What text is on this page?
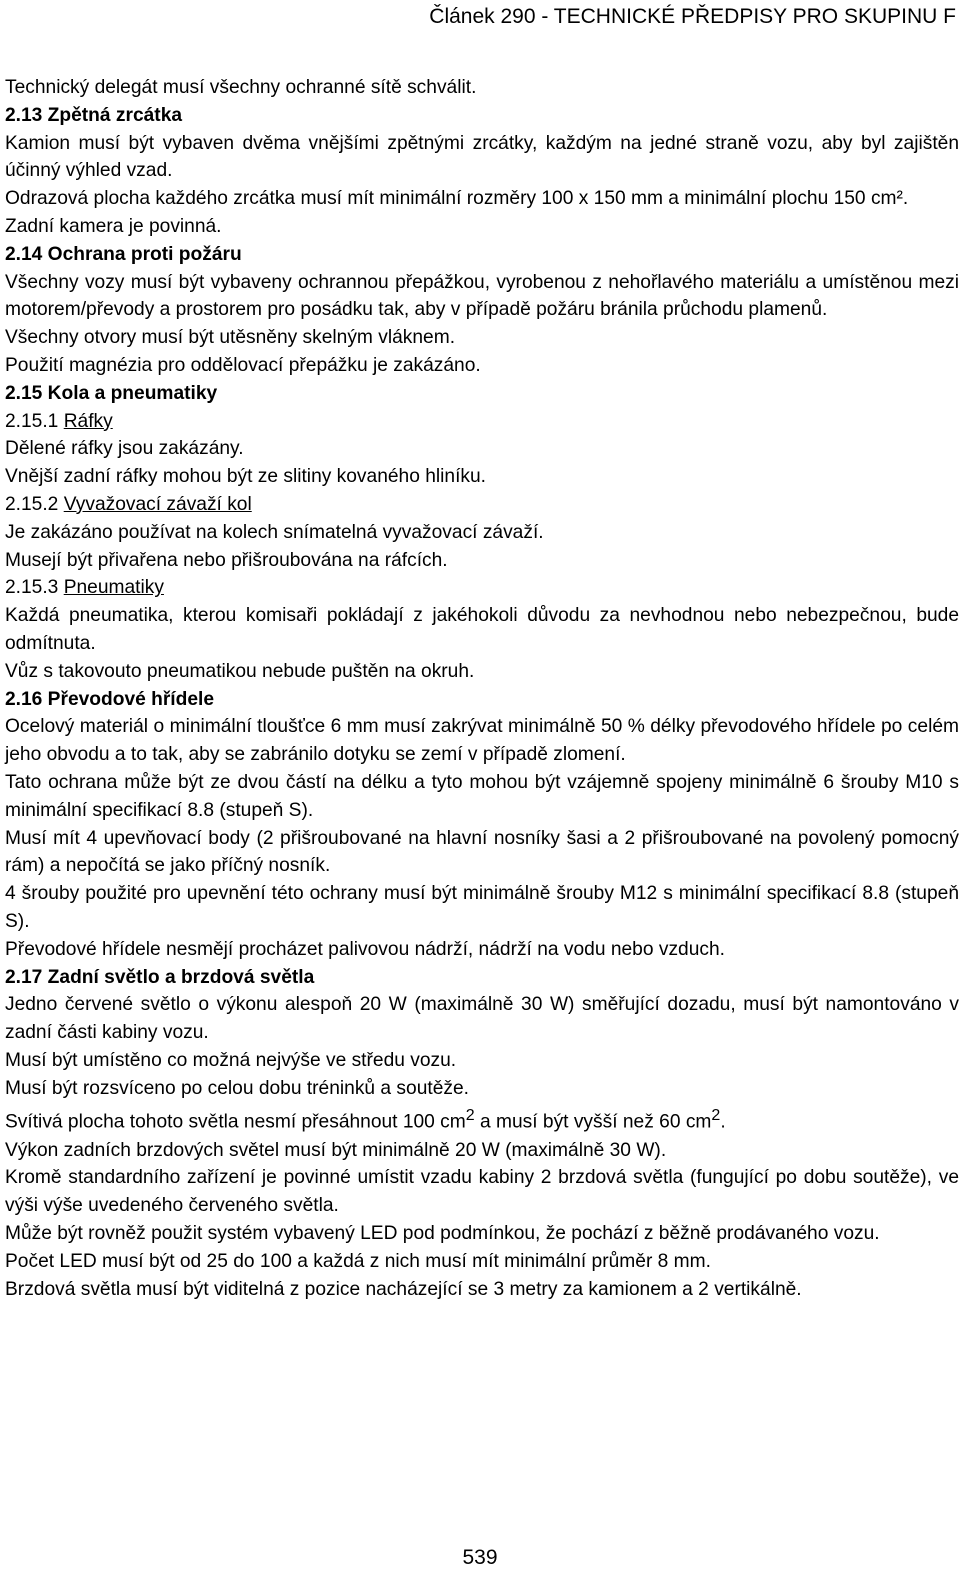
Článek 290 - TECHNICKÉ PŘEDPISY PRO SKUPINU F

Technický delegát musí všechny ochranné sítě schválit.

2.13 Zpětná zrcátka

Kamion musí být vybaven dvěma vnějšími zpětnými zrcátky, každým na jedné straně vozu, aby byl zajištěn účinný výhled vzad.

Odrazová plocha každého zrcátka musí mít minimální rozměry 100 x 150 mm a minimální plochu 150 cm².

Zadní kamera je povinná.

2.14 Ochrana proti požáru

Všechny vozy musí být vybaveny ochrannou přepážkou, vyrobenou z nehořlavého materiálu a umístěnou mezi motorem/převody a prostorem pro posádku tak, aby v případě požáru bránila průchodu plamenů.

Všechny otvory musí být utěsněny skelným vláknem.

Použití magnézia pro oddělovací přepážku je zakázáno.

2.15 Kola a pneumatiky

2.15.1 Ráfky

Dělené ráfky jsou zakázány.

Vnější zadní ráfky mohou být ze slitiny kovaného hliníku.

2.15.2 Vyvažovací závaží kol

Je zakázáno používat na kolech snímatelná vyvažovací závaží.

Musejí být přivařena nebo přišroubována na ráfcích.

2.15.3 Pneumatiky

Každá pneumatika, kterou komisaři pokládají z jakéhokoli důvodu za nevhodnou nebo nebezpečnou, bude odmítnuta.

Vůz s takovouto pneumatikou nebude puštěn na okruh.

2.16 Převodové hřídele

Ocelový materiál o minimální tloušťce 6 mm musí zakrývat minimálně 50 % délky převodového hřídele po celém jeho obvodu a to tak, aby se zabránilo dotyku se zemí v případě zlomení.

Tato ochrana může být ze dvou částí na délku a tyto mohou být vzájemně spojeny minimálně 6 šrouby M10 s minimální specifikací 8.8 (stupeň S).

Musí mít 4 upevňovací body (2 přišroubované na hlavní nosníky šasi a 2 přišroubované na povolený pomocný rám) a nepočítá se jako příčný nosník.

4 šrouby použité pro upevnění této ochrany musí být minimálně šrouby M12 s minimální specifikací 8.8 (stupeň S).

Převodové hřídele nesmějí procházet palivovou nádrží, nádrží na vodu nebo vzduch.

2.17 Zadní světlo a brzdová světla

Jedno červené světlo o výkonu alespoň 20 W (maximálně 30 W) směřující dozadu, musí být namontováno v zadní části kabiny vozu.

Musí být umístěno co možná nejvýše ve středu vozu.

Musí být rozsvíceno po celou dobu tréninků a soutěže.

Svítivá plocha tohoto světla nesmí přesáhnout 100 $cm^2$ a musí být vyšší než 60 $cm^2$.

Výkon zadních brzdových světel musí být minimálně 20 W (maximálně 30 W).

Kromě standardního zařízení je povinné umístit vzadu kabiny 2 brzdová světla (fungující po dobu soutěže), ve výši výše uvedeného červeného světla.

Může být rovněž použit systém vybavený LED pod podmínkou, že pochází z běžně prodávaného vozu.

Počet LED musí být od 25 do 100 a každá z nich musí mít minimální průměr 8 mm.

Brzdová světla musí být viditelná z pozice nacházející se 3 metry za kamionem a 2 vertikálně.

539
